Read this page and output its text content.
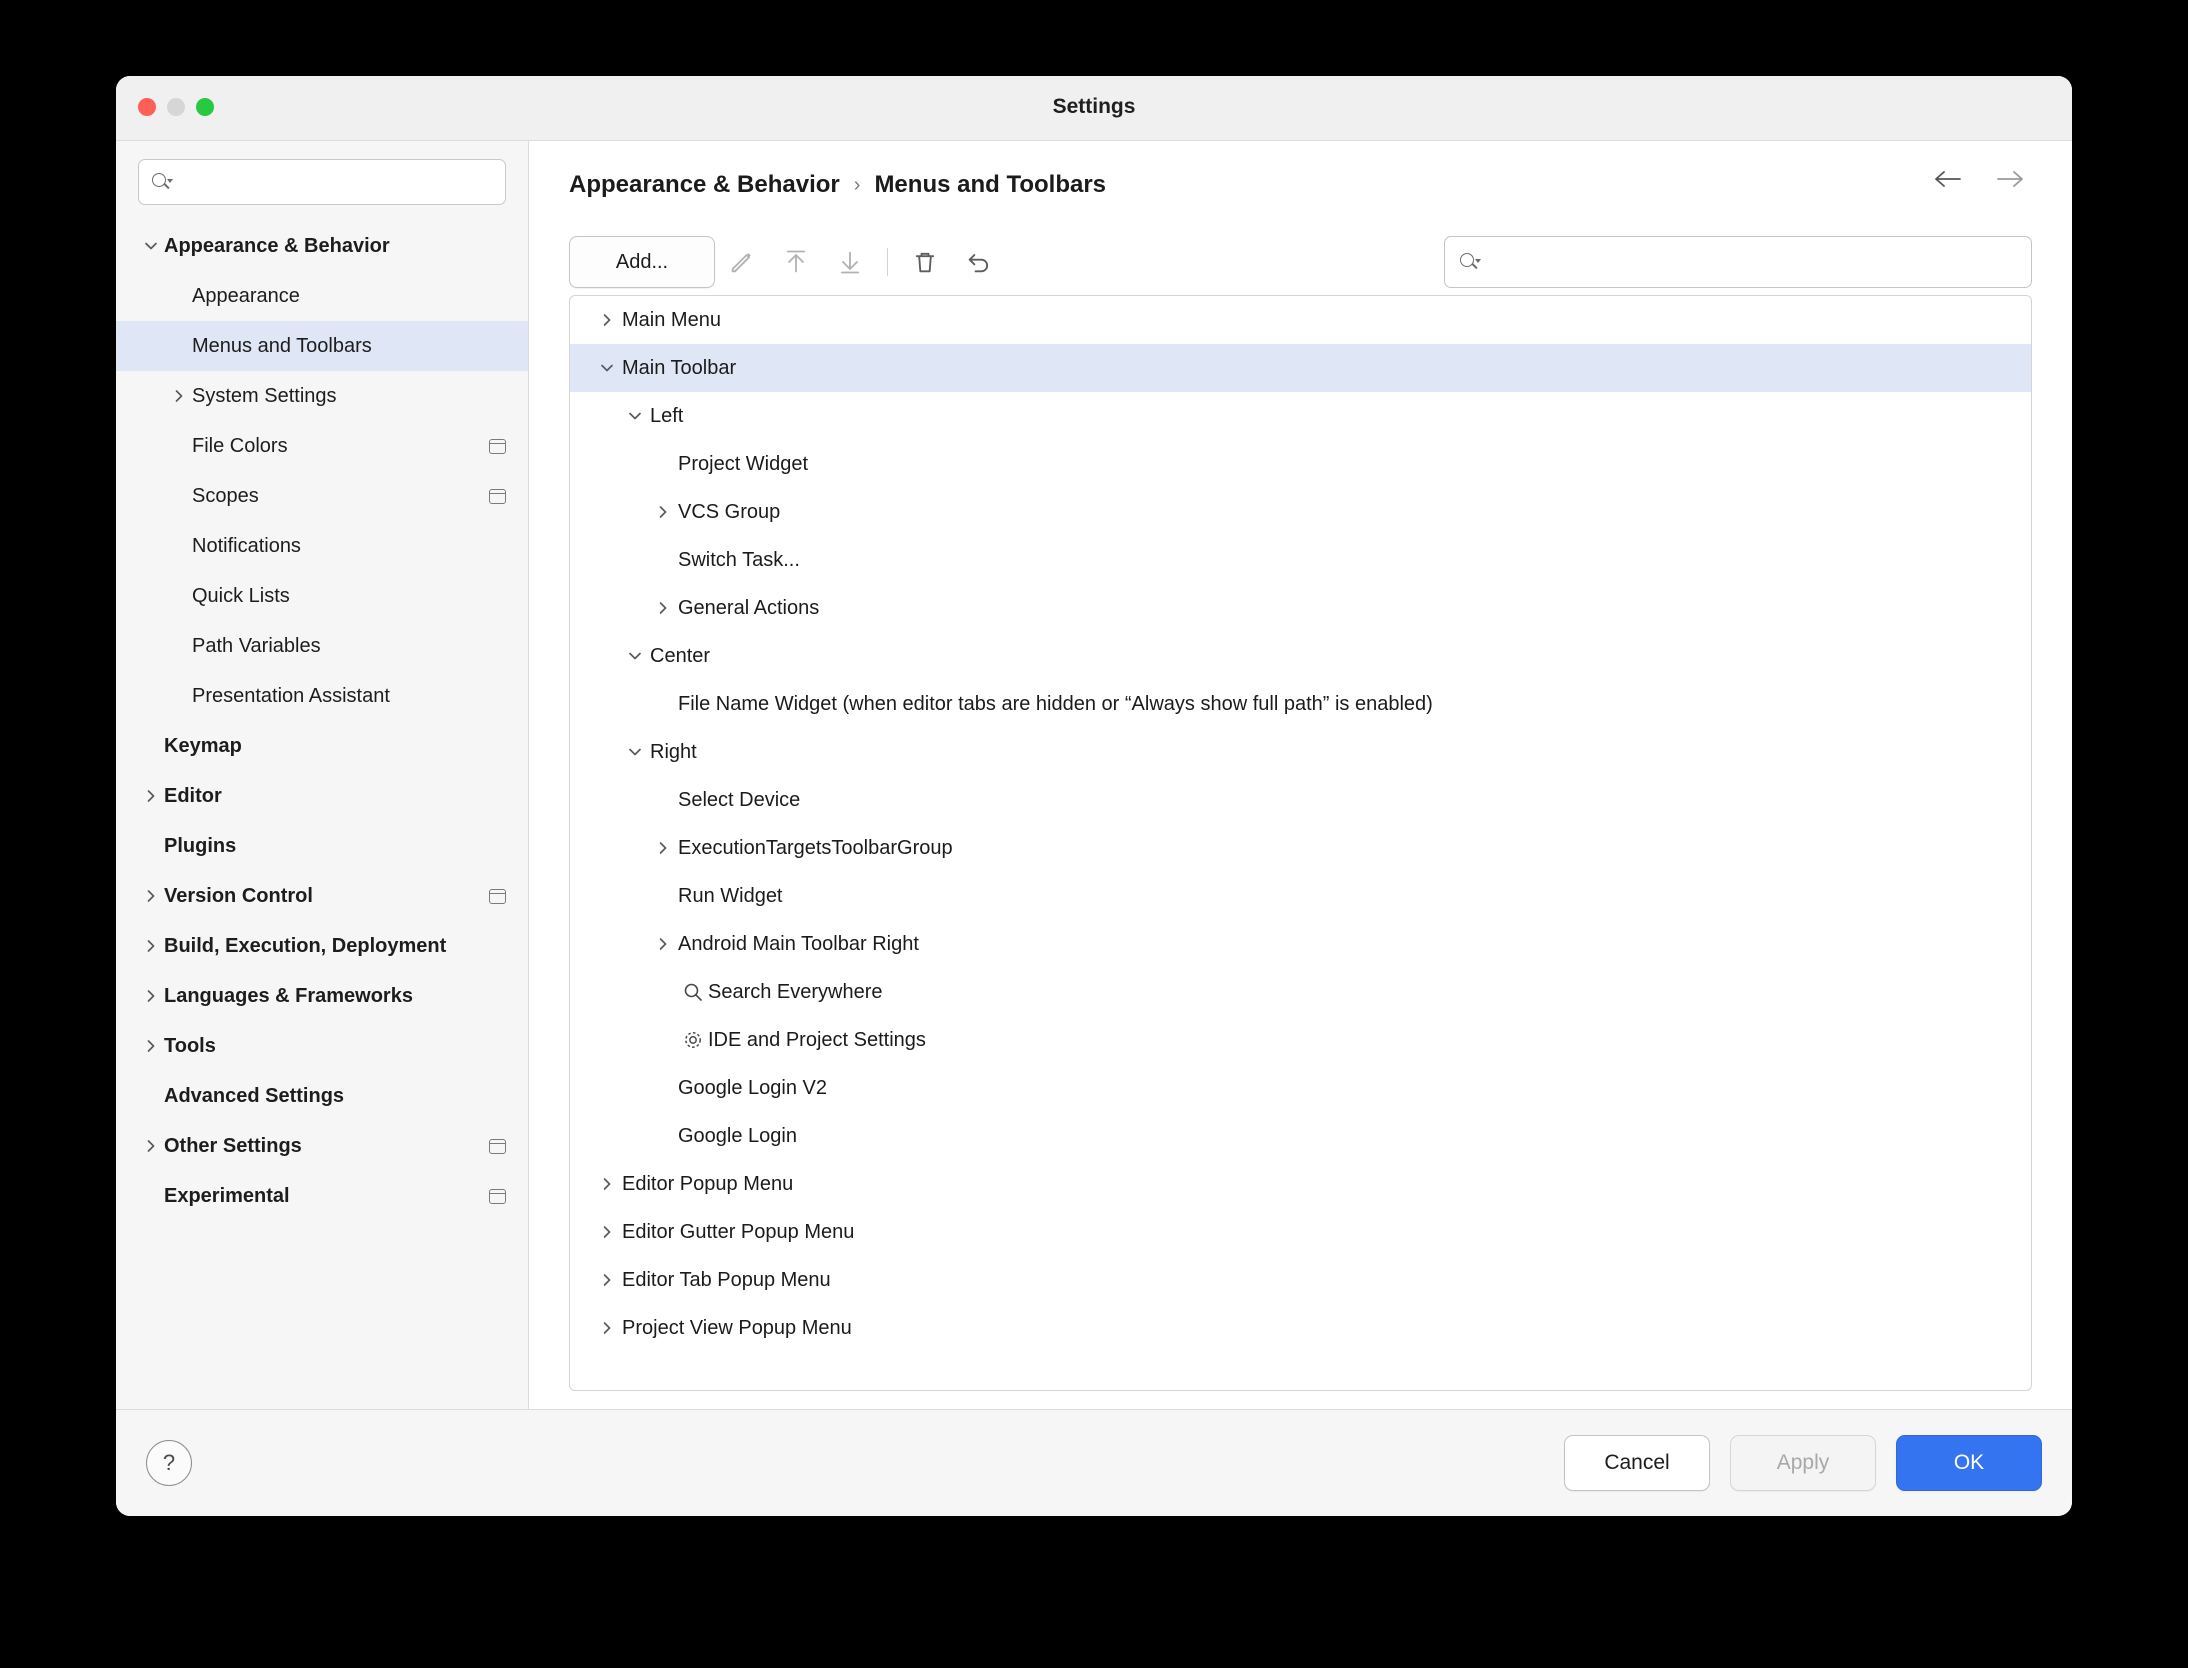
Settings
Appearance & Behavior
Appearance
Menus and Toolbars
System Settings
File Colors
Scopes
Notifications
Quick Lists
Path Variables
Presentation Assistant
Keymap
Editor
Plugins
Version Control
Build, Execution, Deployment
Languages & Frameworks
Tools
Advanced Settings
Other Settings
Experimental
Appearance & Behavior › Menus and Toolbars
Add...
Main Menu
Main Toolbar
Left
Project Widget
VCS Group
Switch Task...
General Actions
Center
File Name Widget (when editor tabs are hidden or “Always show full path” is enabled)
Right
Select Device
ExecutionTargetsToolbarGroup
Run Widget
Android Main Toolbar Right
Search Everywhere
IDE and Project Settings
Google Login V2
Google Login
Editor Popup Menu
Editor Gutter Popup Menu
Editor Tab Popup Menu
Project View Popup Menu
?	Cancel	Apply	OK
